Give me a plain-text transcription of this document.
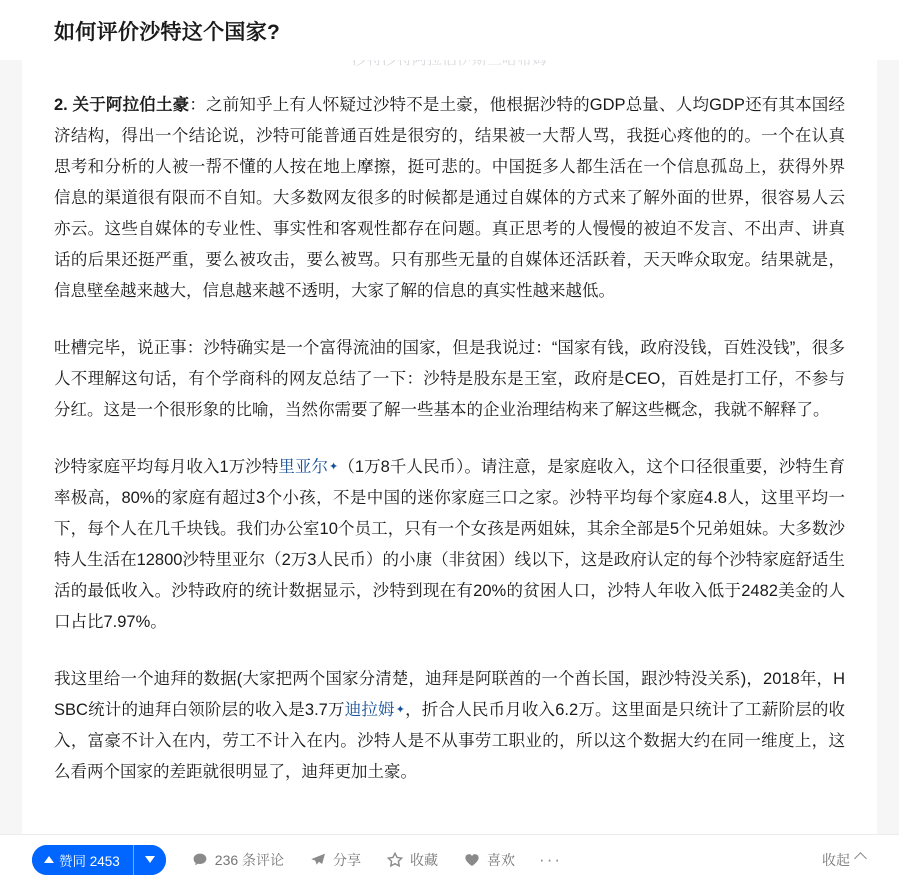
如何评价沙特这个国家?

2. 关于阿拉伯土豪：之前知乎上有人怀疑过沙特不是土豪，他根据沙特的GDP总量、人均GDP还有其本国经济结构，得出一个结论说，沙特可能普通百姓是很穷的，结果被一大帮人骂，我挺心疼他的的。一个在认真思考和分析的人被一帮不懂的人按在地上摩擦，挺可悲的。中国挺多人都生活在一个信息孤岛上，获得外界信息的渠道很有限而不自知。大多数网友很多的时候都是通过自媒体的方式来了解外面的世界，很容易人云亦云。这些自媒体的专业性、事实性和客观性都存在问题。真正思考的人慢慢的被迫不发言、不出声、讲真话的后果还挺严重，要么被攻击，要么被骂。只有那些无量的自媒体还活跃着，天天哗众取宠。结果就是，信息壁垒越来越大，信息越来越不透明，大家了解的信息的真实性越来越低。

吐槽完毕，说正事：沙特确实是一个富得流油的国家，但是我说过：“国家有钱，政府没钱，百姓没钱”，很多人不理解这句话，有个学商科的网友总结了一下：沙特是股东是王室，政府是CEO，百姓是打工仔，不参与分红。这是一个很形象的比喻，当然你需要了解一些基本的企业治理结构来了解这些概念，我就不解释了。

沙特家庭平均每月收入1万沙特里亚尔✦（1万8千人民币）。请注意，是家庭收入，这个口径很重要，沙特生育率极高，80%的家庭有超过3个小孩，不是中国的迷你家庭三口之家。沙特平均每个家庭4.8人，这里平均一下，每个人在几千块钱。我们办公室10个员工，只有一个女孩是两姐妹，其余全部是5个兄弟姐妹。大多数沙特人生活在12800沙特里亚尔（2万3人民币）的小康（非贫困）线以下，这是政府认定的每个沙特家庭舒适生活的最低收入。沙特政府的统计数据显示，沙特到现在有20%的贫困人口，沙特人年收入低于2482美金的人口占比7.97%。

我这里给一个迪拜的数据(大家把两个国家分清楚，迪拜是阿联酋的一个酋长国，跟沙特没关系)，2018年，HSBC统计的迪拜白领阶层的收入是3.7万迪拉姆✦，折合人民币月收入6.2万。这里面是只统计了工薪阶层的收入，富豪不计入在内，劳工不计入在内。沙特人是不从事劳工职业的，所以这个数据大约在同一维度上，这么看两个国家的差距就很明显了，迪拜更加土豪。

赞同 2453	236 条评论	分享	收藏	喜欢 ···	收起
